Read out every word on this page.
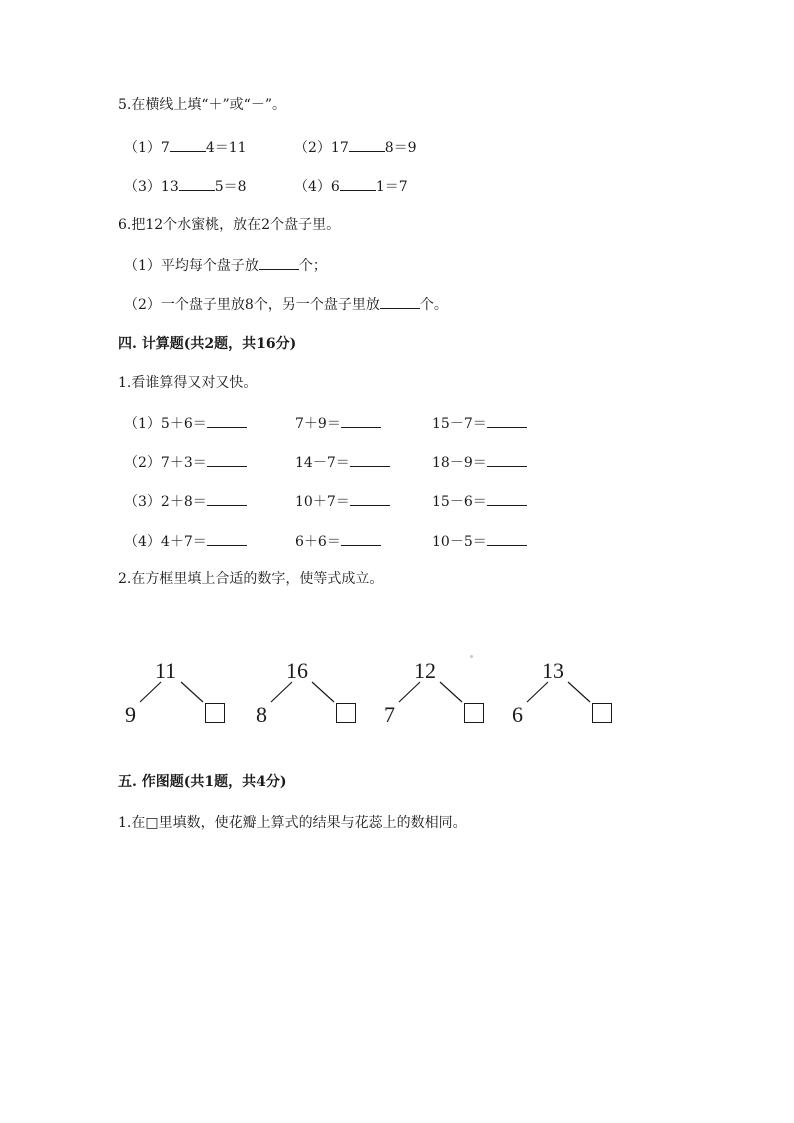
5.在横线上填“＋”或“－”。
（1）7	4＝11	（2）17	8＝9
（3）13	5＝8	（4）6	1＝7
6.把12个水蜜桃，放在2个盘子里。
（1）平均每个盘子放	个；
（2）一个盘子里放8个，另一个盘子里放	个。
四. 计算题(共2题，共16分)
1.看谁算得又对又快。
（1）5＋6＝	7＋9＝	15－7＝
（2）7＋3＝	14－7＝	18－9＝
（3）2＋8＝	10＋7＝	15－6＝
（4）4＋7＝	6＋6＝	10－5＝
2.在方框里填上合适的数字，使等式成立。
11
9
16
8
12
7
13
6
五. 作图题(共1题，共4分)
1.在□里填数，使花瓣上算式的结果与花蕊上的数相同。
